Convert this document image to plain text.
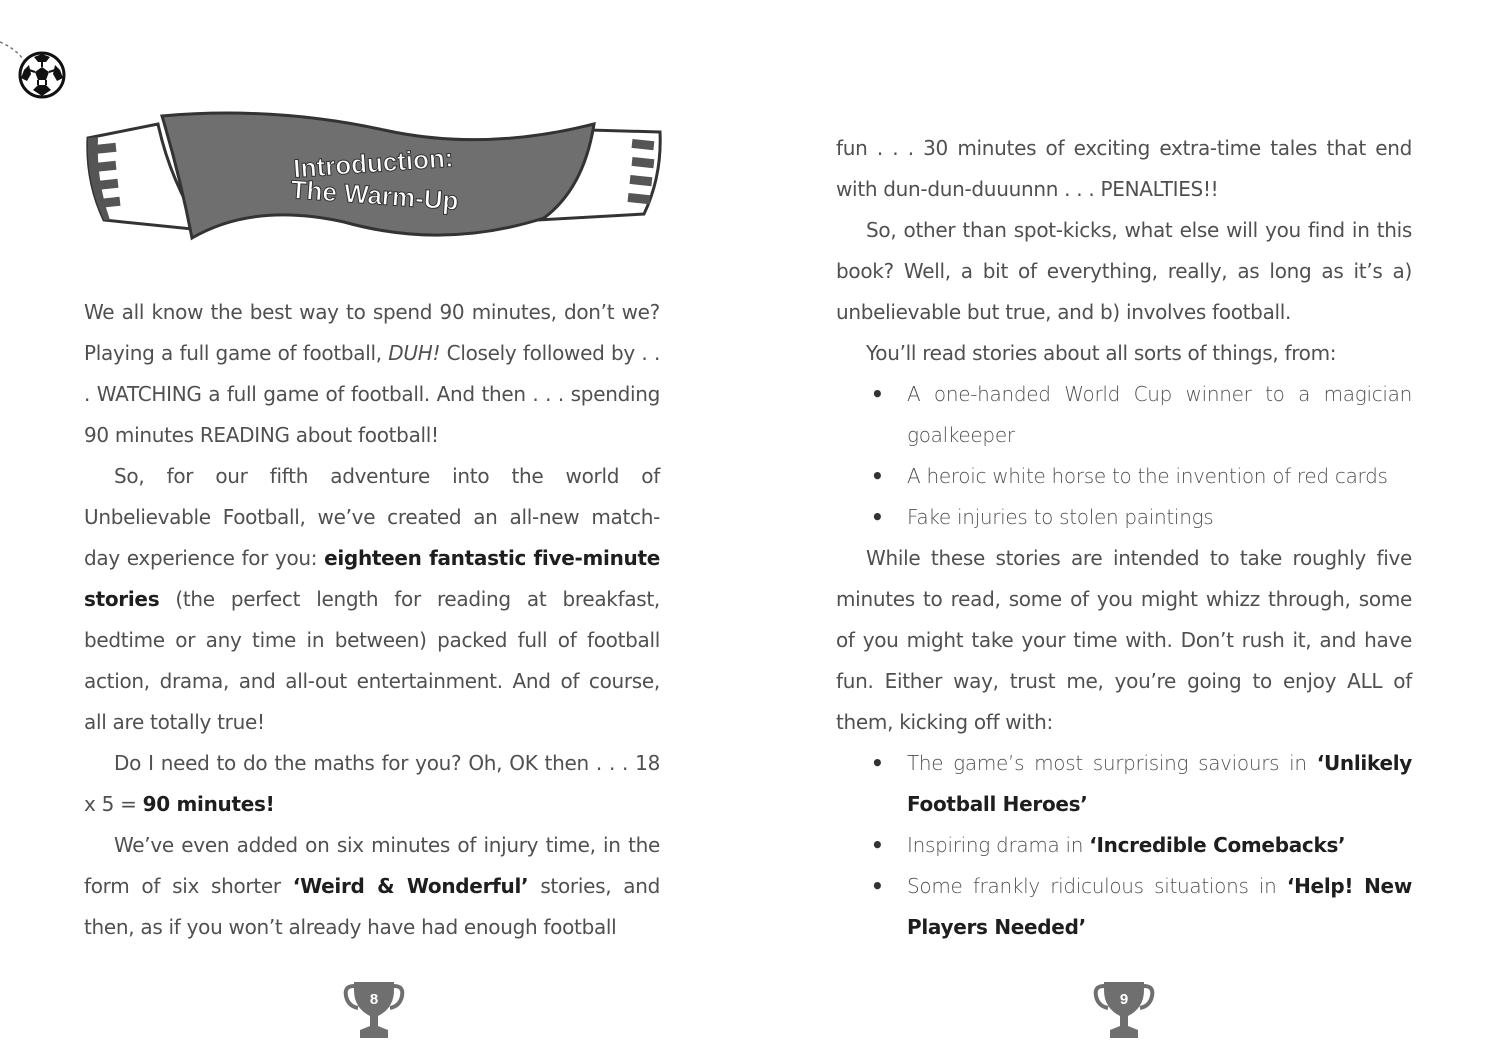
Introduction:
The Warm-Up

We all know the best way to spend 90 minutes, don’t we? Playing a full game of football, DUH! Closely followed by . . . WATCHING a full game of football. And then . . . spending 90 minutes READING about football!

So, for our fifth adventure into the world of Unbelievable Football, we’ve created an all-new match-day experience for you: eighteen fantastic five-minute stories (the perfect length for reading at breakfast, bedtime or any time in between) packed full of football action, drama, and all-out entertainment. And of course, all are totally true!

Do I need to do the maths for you? Oh, OK then . . . 18 x 5 = 90 minutes!

We’ve even added on six minutes of injury time, in the form of six shorter ‘Weird & Wonderful’ stories, and then, as if you won’t already have had enough football

8

fun . . . 30 minutes of exciting extra-time tales that end with dun-dun-duuunnn . . . PENALTIES!!

So, other than spot-kicks, what else will you find in this book? Well, a bit of everything, really, as long as it’s a) unbelievable but true, and b) involves football.

You’ll read stories about all sorts of things, from:

• A one-handed World Cup winner to a magician goalkeeper
• A heroic white horse to the invention of red cards
• Fake injuries to stolen paintings

While these stories are intended to take roughly five minutes to read, some of you might whizz through, some of you might take your time with. Don’t rush it, and have fun. Either way, trust me, you’re going to enjoy ALL of them, kicking off with:

• The game’s most surprising saviours in ‘Unlikely Football Heroes’
• Inspiring drama in ‘Incredible Comebacks’
• Some frankly ridiculous situations in ‘Help! New Players Needed’
9
